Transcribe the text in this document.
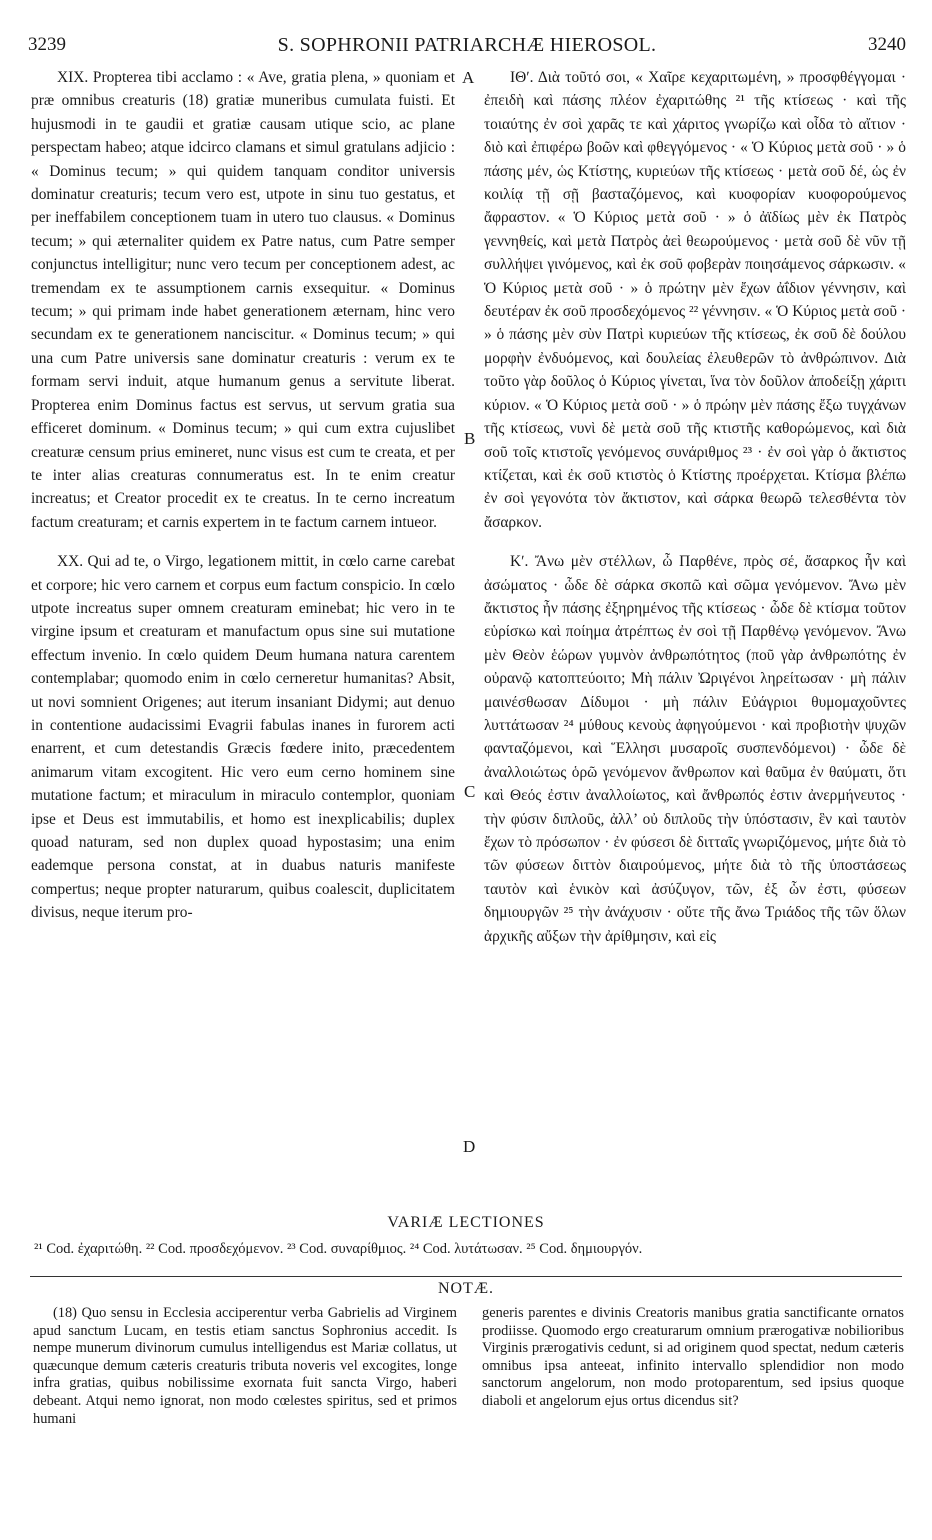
3239	S. SOPHRONII PATRIARCHÆ HIEROSOL.	3240

XIX. Propterea tibi acclamo : « Ave, gratia plena, » quoniam et præ omnibus creaturis (18) gratiæ muneribus cumulata fuisti. Et hujusmodi in te gaudii et gratiæ causam utique scio, ac plane perspectam habeo; atque idcirco clamans et simul gratulans adjicio : « Dominus tecum; » qui quidem tanquam conditor universis dominatur creaturis; tecum vero est, utpote in sinu tuo gestatus, et per ineffabilem conceptionem tuam in utero tuo clausus. « Dominus tecum; » qui æternaliter quidem ex Patre natus, cum Patre semper conjunctus intelligitur; nunc vero tecum per conceptionem adest, ac tremendam ex te assumptionem carnis exsequitur. « Dominus tecum; » qui primam inde habet generationem æternam, hinc vero secundam ex te generationem nanciscitur. « Dominus tecum; » qui una cum Patre universis sane dominatur creaturis : verum ex te formam servi induit, atque humanum genus a servitute liberat. Propterea enim Dominus factus est servus, ut servum gratia sua efficeret dominum. « Dominus tecum; » qui cum extra cujuslibet creaturæ censum prius emineret, nunc visus est cum te creata, et per te inter alias creaturas connumeratus est. In te enim creatur increatus; et Creator procedit ex te creatus. In te cerno increatum factum creaturam; et carnis expertem in te factum carnem intueor.

XX. Qui ad te, o Virgo, legationem mittit, in cœlo carne carebat et corpore; hic vero carnem et corpus eum factum conspicio. In cœlo utpote increatus super omnem creaturam eminebat; hic vero in te virgine ipsum et creaturam et manufactum opus sine sui mutatione effectum invenio. In cœlo quidem Deum humana natura carentem contemplabar; quomodo enim in cœlo cerneretur humanitas? Absit, ut novi somnient Origenes; aut iterum insaniant Didymi; aut denuo in contentione audacissimi Evagrii fabulas inanes in furorem acti enarrent, et cum detestandis Græcis fœdere inito, præcedentem animarum vitam excogitent. Hic vero eum cerno hominem sine mutatione factum; et miraculum in miraculo contemplor, quoniam ipse et Deus est immutabilis, et homo est inexplicabilis; duplex quoad naturam, sed non duplex quoad hypostasim; una enim eademque persona constat, at in duabus naturis manifeste compertus; neque propter naturarum, quibus coalescit, duplicitatem divisus, neque iterum pro-

ΙΘʹ. Διὰ τοῦτό σοι, « Χαῖρε κεχαριτωμένη, » προσφθέγγομαι · ἐπειδὴ καὶ πάσης πλέον ἐχαριτώθης ²¹ τῆς κτίσεως · καὶ τῆς τοιαύτης ἐν σοὶ χαρᾶς τε καὶ χάριτος γνωρίζω καὶ οἶδα τὸ αἴτιον · διὸ καὶ ἐπιφέρω βοῶν καὶ φθεγγόμενος · « Ὁ Κύριος μετὰ σοῦ · » ὁ πάσης μέν, ὡς Κτίστης, κυριεύων τῆς κτίσεως · μετὰ σοῦ δέ, ὡς ἐν κοιλίᾳ τῇ σῇ βασταζόμενος, καὶ κυοφορίαν κυοφορούμενος ἄφραστον. « Ὁ Κύριος μετὰ σοῦ · » ὁ ἀϊδίως μὲν ἐκ Πατρὸς γεννηθείς, καὶ μετὰ Πατρὸς ἀεὶ θεωρούμενος · μετὰ σοῦ δὲ νῦν τῇ συλλήψει γινόμενος, καὶ ἐκ σοῦ φοβερὰν ποιησάμενος σάρκωσιν. « Ὁ Κύριος μετὰ σοῦ · » ὁ πρώτην μὲν ἔχων ἀΐδιον γέννησιν, καὶ δευτέραν ἐκ σοῦ προσδεχόμενος ²² γέννησιν. « Ὁ Κύριος μετὰ σοῦ · » ὁ πάσης μὲν σὺν Πατρὶ κυριεύων τῆς κτίσεως, ἐκ σοῦ δὲ δούλου μορφὴν ἐνδυόμενος, καὶ δουλείας ἐλευθερῶν τὸ ἀνθρώπινον. Διὰ τοῦτο γὰρ δοῦλος ὁ Κύριος γίνεται, ἵνα τὸν δοῦλον ἀποδείξῃ χάριτι κύριον. « Ὁ Κύριος μετὰ σοῦ · » ὁ πρώην μὲν πάσης ἔξω τυγχάνων τῆς κτίσεως, νυνὶ δὲ μετὰ σοῦ τῆς κτιστῆς καθορώμενος, καὶ διὰ σοῦ τοῖς κτιστοῖς γενόμενος συνάριθμος ²³ · ἐν σοὶ γὰρ ὁ ἄκτιστος κτίζεται, καὶ ἐκ σοῦ κτιστὸς ὁ Κτίστης προέρχεται. Κτίσμα βλέπω ἐν σοὶ γεγονότα τὸν ἄκτιστον, καὶ σάρκα θεωρῶ τελεσθέντα τὸν ἄσαρκον.

Κʹ. Ἄνω μὲν στέλλων, ὦ Παρθένε, πρὸς σέ, ἄσαρκος ἦν καὶ ἀσώματος · ὧδε δὲ σάρκα σκοπῶ καὶ σῶμα γενόμενον. Ἄνω μὲν ἄκτιστος ἦν πάσης ἐξηρημένος τῆς κτίσεως · ὧδε δὲ κτίσμα τοῦτον εὑρίσκω καὶ ποίημα ἀτρέπτως ἐν σοὶ τῇ Παρθένῳ γενόμενον. Ἄνω μὲν Θεὸν ἑώρων γυμνὸν ἀνθρωπότητος (ποῦ γὰρ ἀνθρωπότης ἐν οὐρανῷ κατοπτεύοιτο; Μὴ πάλιν Ὠριγένοι ληρείτωσαν · μὴ πάλιν μαινέσθωσαν Δίδυμοι · μὴ πάλιν Εὐάγριοι θυμομαχοῦντες λυττάτωσαν ²⁴ μύθους κενοὺς ἀφηγούμενοι · καὶ προβιοτὴν ψυχῶν φανταζόμενοι, καὶ Ἕλλησι μυσαροῖς συσπενδόμενοι) · ὧδε δὲ ἀναλλοιώτως ὁρῶ γενόμενον ἄνθρωπον καὶ θαῦμα ἐν θαύματι, ὅτι καὶ Θεός ἐστιν ἀναλλοίωτος, καὶ ἄνθρωπός ἐστιν ἀνερμήνευτος · τὴν φύσιν διπλοῦς, ἀλλ’ οὐ διπλοῦς τὴν ὑπόστασιν, ἓν καὶ ταυτὸν ἔχων τὸ πρόσωπον · ἐν φύσεσι δὲ διτταῖς γνωριζόμενος, μήτε διὰ τὸ τῶν φύσεων διττὸν διαιρούμενος, μήτε διὰ τὸ τῆς ὑποστάσεως ταυτὸν καὶ ἑνικὸν καὶ ἀσύζυγον, τῶν, ἐξ ὧν ἐστι, φύσεων δημιουργῶν ²⁵ τὴν ἀνάχυσιν · οὔτε τῆς ἄνω Τριάδος τῆς τῶν ὅλων ἀρχικῆς αὔξων τὴν ἀρίθμησιν, καὶ εἰς

A
B
C
D
VARIÆ LECTIONES
²¹ Cod. ἐχαριτώθη. ²² Cod. προσδεχόμενον. ²³ Cod. συναρίθμιος. ²⁴ Cod. λυτάτωσαν. ²⁵ Cod. δημιουργόν.
NOTÆ.

(18) Quo sensu in Ecclesia acciperentur verba Gabrielis ad Virginem apud sanctum Lucam, en testis etiam sanctus Sophronius accedit. Is nempe munerum divinorum cumulus intelligendus est Mariæ collatus, ut quæcunque demum cæteris creaturis tributa noveris vel excogites, longe infra gratias, quibus nobilissime exornata fuit sancta Virgo, haberi debeant. Atqui nemo ignorat, non modo cœlestes spiritus, sed et primos humani

generis parentes e divinis Creatoris manibus gratia sanctificante ornatos prodiisse. Quomodo ergo creaturarum omnium prærogativæ nobilioribus Virginis prærogativis cedunt, si ad originem quod spectat, nedum cæteris omnibus ipsa anteeat, infinito intervallo splendidior non modo sanctorum angelorum, non modo protoparentum, sed ipsius quoque diaboli et angelorum ejus ortus dicendus sit?
